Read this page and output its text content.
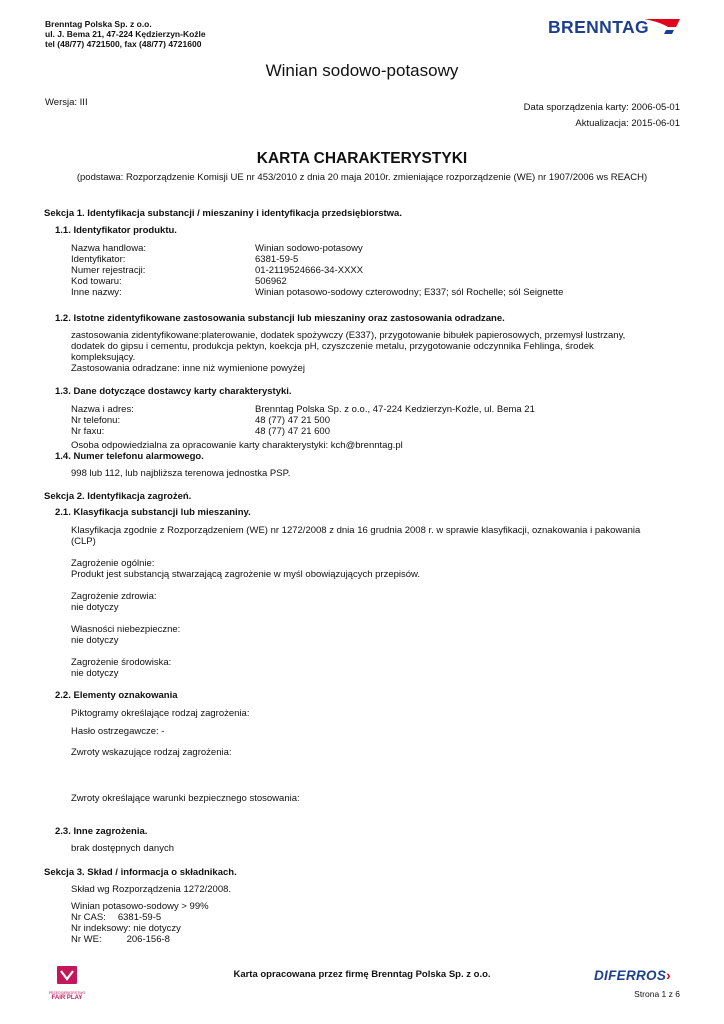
Brenntag Polska Sp. z o.o.
ul. J. Bema 21, 47-224 Kędzierzyn-Koźle
tel (48/77) 4721500, fax (48/77) 4721600
BRENNTAG
Winian sodowo-potasowy
Wersja: III	Data sporządzenia karty: 2006-05-01
Aktualizacja: 2015-06-01
KARTA CHARAKTERYSTYKI
(podstawa: Rozporządzenie Komisji UE nr 453/2010 z dnia 20 maja 2010r. zmieniające rozporządzenie (WE) nr 1907/2006 ws REACH)
Sekcja 1. Identyfikacja substancji / mieszaniny i identyfikacja przedsiębiorstwa.
1.1. Identyfikator produktu.
Nazwa handlowa:	Winian sodowo-potasowy
Identyfikator:	6381-59-5
Numer rejestracji:	01-2119524666-34-XXXX
Kod towaru:	506962
Inne nazwy:	Winian potasowo-sodowy czterowodny; E337; sól Rochelle; sól Seignette
1.2. Istotne zidentyfikowane zastosowania substancji lub mieszaniny oraz zastosowania odradzane.
zastosowania zidentyfikowane:platerowanie, dodatek spożywczy (E337), przygotowanie bibułek papierosowych, przemysł lustrzany,
dodatek do gipsu i cementu, produkcja pektyn, koekcja pH, czyszczenie metalu, przygotowanie odczynnika Fehlinga, środek
kompleksujący.
Zastosowania odradzane: inne niż wymienione powyżej
1.3. Dane dotyczące dostawcy karty charakterystyki.
Nazwa i adres:	Brenntag Polska Sp. z o.o., 47-224 Kedzierzyn-Koźle, ul. Bema 21
Nr telefonu:	48 (77) 47 21 500
Nr faxu:	48 (77) 47 21 600
Osoba odpowiedzialna za opracowanie karty charakterystyki: kch@brenntag.pl
1.4. Numer telefonu alarmowego.
998 lub 112, lub najbliższa terenowa jednostka PSP.
Sekcja 2. Identyfikacja zagrożeń.
2.1. Klasyfikacja substancji lub mieszaniny.
Klasyfikacja zgodnie z Rozporządzeniem (WE) nr 1272/2008 z dnia 16 grudnia 2008 r. w sprawie klasyfikacji, oznakowania i pakowania
(CLP)
Zagrożenie ogólnie:
Produkt jest substancją stwarzającą zagrożenie w myśl obowiązujących przepisów.
Zagrożenie zdrowia:
nie dotyczy
Własności niebezpieczne:
nie dotyczy
Zagrożenie środowiska:
nie dotyczy
2.2. Elementy oznakowania
Piktogramy określające rodzaj zagrożenia:
Hasło ostrzegawcze: -
Zwroty wskazujące rodzaj zagrożenia:
Zwroty określające warunki bezpiecznego stosowania:
2.3. Inne zagrożenia.
brak dostępnych danych
Sekcja 3. Skład / informacja o składnikach.
Skład wg Rozporządzenia 1272/2008.
Winian potasowo-sodowy > 99%
Nr CAS: 6381-59-5
Nr indeksowy: nie dotyczy
Nr WE:	206-156-8
PRZEDSIĘBIORSTWO
FAIR PLAY
Karta opracowana przez firmę Brenntag Polska Sp. z o.o.	DIFERROS›
Strona 1 z 6
